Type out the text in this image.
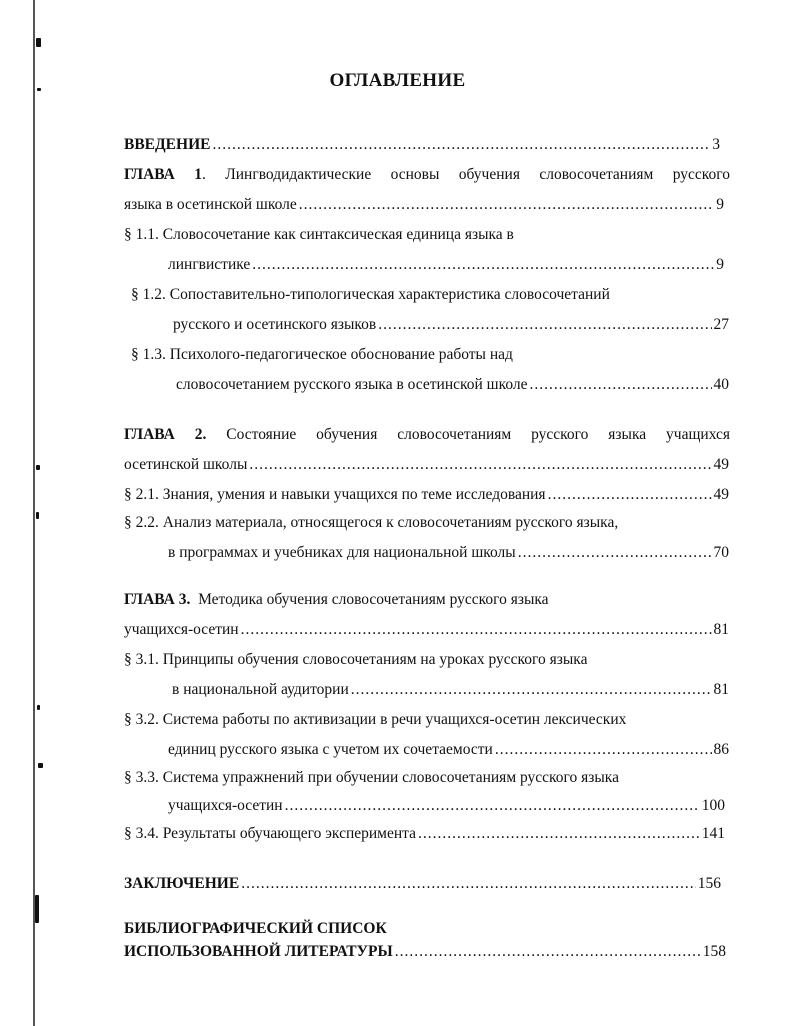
ОГЛАВЛЕНИЕ
ВВЕДЕНИЕ .....	3
ГЛАВА 1. Лингводидактические основы обучения словосочетаниям русского
языка в осетинской школе .....	9
§ 1.1. Словосочетание как синтаксическая единица языка в
лингвистике .....	9
§ 1.2. Сопоставительно-типологическая характеристика словосочетаний
русского и осетинского языков .....	27
§ 1.3. Психолого-педагогическое обоснование работы над
словосочетанием русского языка в осетинской школе .....	40
ГЛАВА 2. Состояние обучения словосочетаниям русского языка учащихся
осетинской школы .....	49
§ 2.1. Знания, умения и навыки учащихся по теме исследования .....	49
§ 2.2. Анализ материала, относящегося к словосочетаниям русского языка,
в программах и учебниках для национальной школы .....	70
ГЛАВА 3.
Методика обучения словосочетаниям русского языка
учащихся-осетин .....	81
§ 3.1. Принципы обучения словосочетаниям на уроках русского языка
в национальной аудитории .....	81
§ 3.2. Система работы по активизации в речи учащихся-осетин лексических
единиц русского языка с учетом их сочетаемости .....	86
§ 3.3. Система упражнений при обучении словосочетаниям русского языка
учащихся-осетин .....	100
§ 3.4. Результаты обучающего эксперимента .....	141
ЗАКЛЮЧЕНИЕ .....	156
БИБЛИОГРАФИЧЕСКИЙ СПИСОК
ИСПОЛЬЗОВАННОЙ ЛИТЕРАТУРЫ .....	158
